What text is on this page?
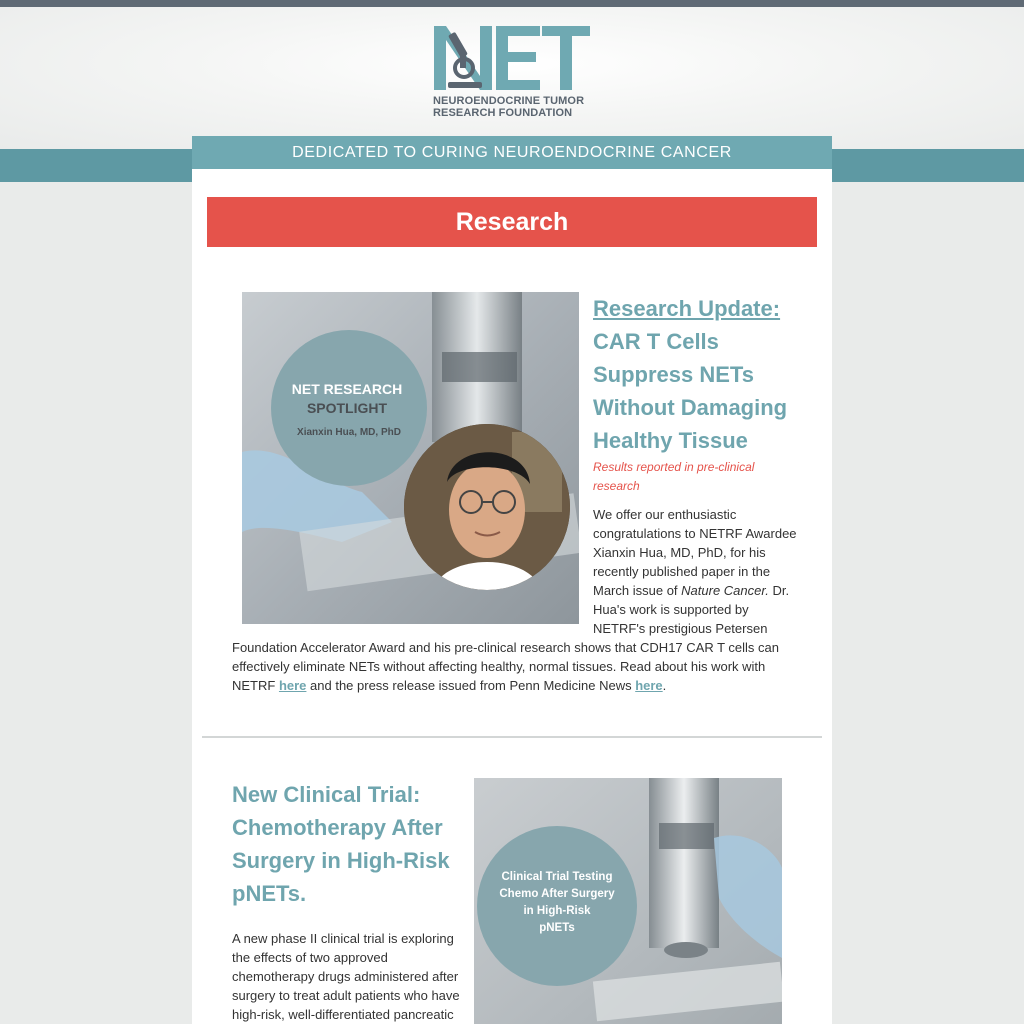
NEUROENDOCRINE TUMOR
RESEARCH FOUNDATION
DEDICATED TO CURING NEUROENDOCRINE CANCER
Research
NET RESEARCH
SPOTLIGHT
Xianxin Hua, MD, PhD
Research Update:
CAR T Cells Suppress NETs Without Damaging Healthy Tissue
Results reported in pre-clinical research
We offer our enthusiastic congratulations to NETRF Awardee Xianxin Hua, MD, PhD, for his recently published paper in the March issue of Nature Cancer. Dr. Hua's work is supported by NETRF's prestigious Petersen
Foundation Accelerator Award and his pre-clinical research shows that CDH17 CAR T cells can effectively eliminate NETs without affecting healthy, normal tissues. Read about his work with NETRF here and the press release issued from Penn Medicine News here.
New Clinical Trial: Chemotherapy After Surgery in High-Risk pNETs.
A new phase II clinical trial is exploring the effects of two approved chemotherapy drugs administered after surgery to treat adult patients who have high-risk, well-differentiated pancreatic
Clinical Trial Testing
Chemo After Surgery
in High-Risk
pNETs
